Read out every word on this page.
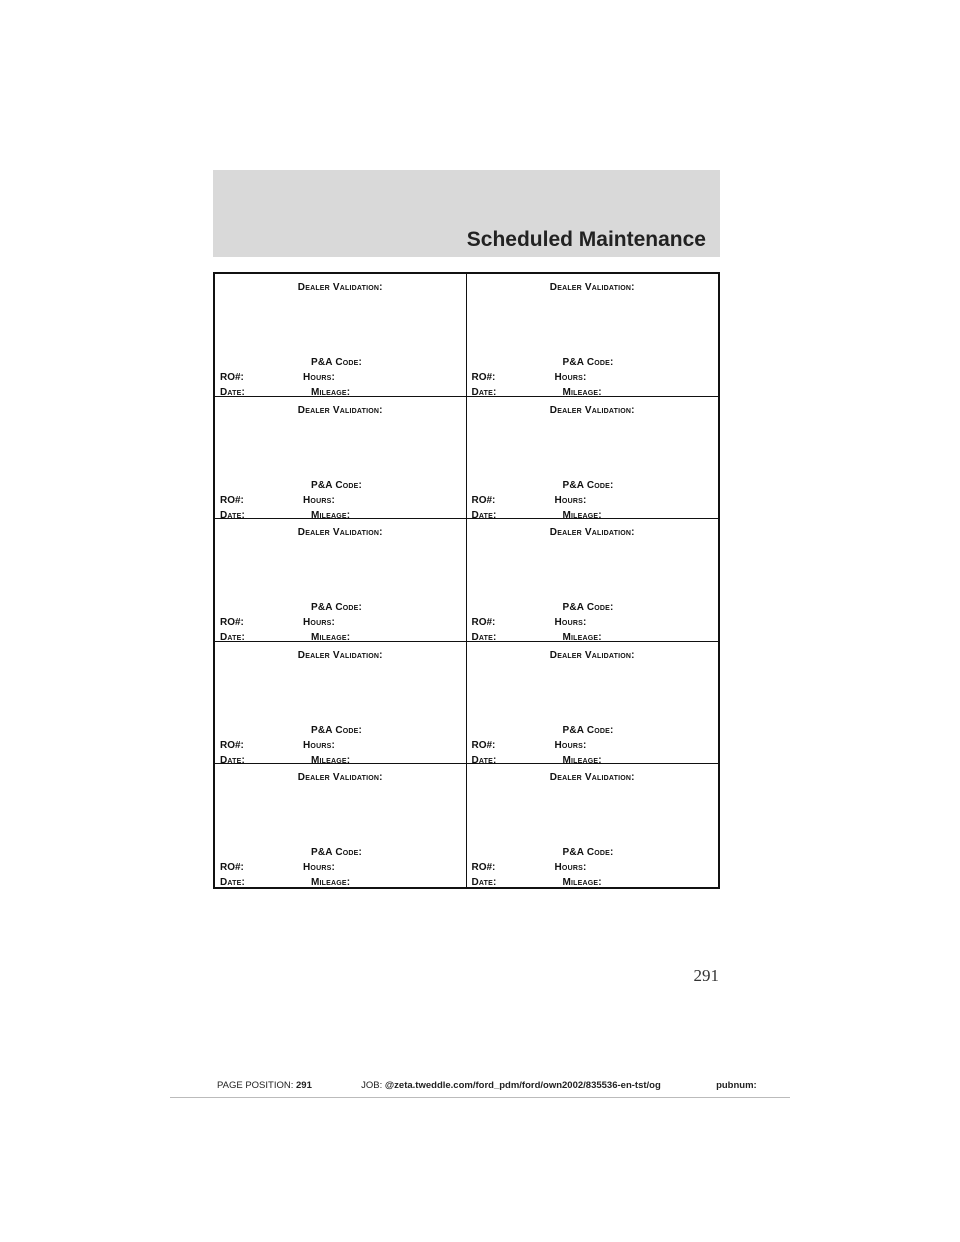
Scheduled Maintenance
Dealer Validation:
P&A Code:
RO#:	Hours:
Date:	Mileage:
Dealer Validation:
P&A Code:
RO#:	Hours:
Date:	Mileage:
Dealer Validation:
P&A Code:
RO#:	Hours:
Date:	Mileage:
Dealer Validation:
P&A Code:
RO#:	Hours:
Date:	Mileage:
Dealer Validation:
P&A Code:
RO#:	Hours:
Date:	Mileage:
Dealer Validation:
P&A Code:
RO#:	Hours:
Date:	Mileage:
Dealer Validation:
P&A Code:
RO#:	Hours:
Date:	Mileage:
Dealer Validation:
P&A Code:
RO#:	Hours:
Date:	Mileage:
Dealer Validation:
P&A Code:
RO#:	Hours:
Date:	Mileage:
Dealer Validation:
P&A Code:
RO#:	Hours:
Date:	Mileage:
291
PAGE POSITION: 291	JOB: @zeta.tweddle.com/ford_pdm/ford/own2002/835536-en-tst/og	pubnum:
